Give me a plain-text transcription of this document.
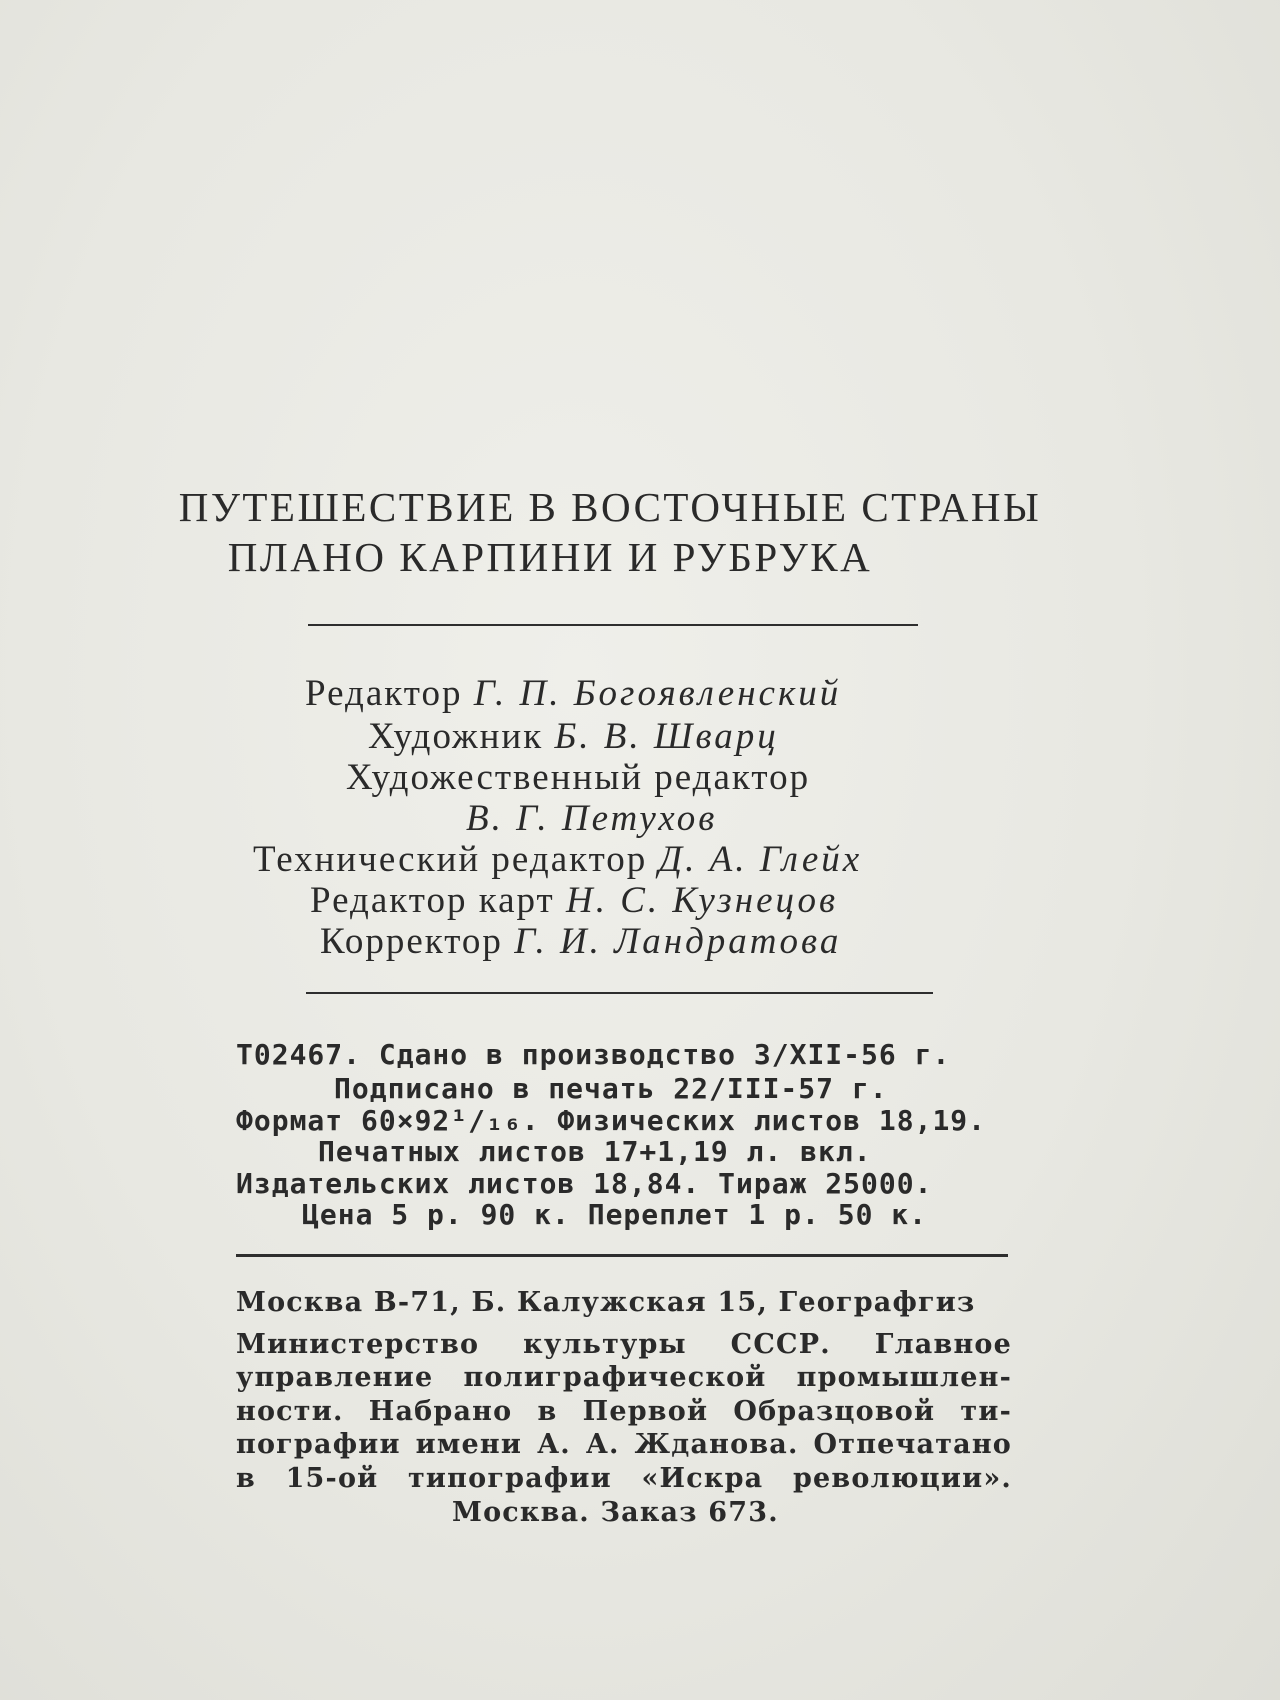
ПУТЕШЕСТВИЕ В ВОСТОЧНЫЕ СТРАНЫ
ПЛАНО КАРПИНИ И РУБРУКА
Редактор Г. П. Богоявленский
Художник Б. В. Шварц
Художественный редактор
В. Г. Петухов
Технический редактор Д. А. Глейх
Редактор карт Н. С. Кузнецов
Корректор Г. И. Ландратова
Т02467. Сдано в производство 3/XII-56 г.
Подписано в печать 22/III-57 г.
Формат 60×92¹/₁₆. Физических листов 18,19.
Печатных листов 17+1,19 л. вкл.
Издательских листов 18,84. Тираж 25000.
Цена 5 р. 90 к. Переплет 1 р. 50 к.
Москва В-71, Б. Калужская 15, Географгиз
Министерство культуры СССР. Главное
управление полиграфической промышлен-
ности. Набрано в Первой Образцовой ти-
пографии имени А. А. Жданова. Отпечатано
в 15-ой типографии «Искра революции».
Москва. Заказ 673.
